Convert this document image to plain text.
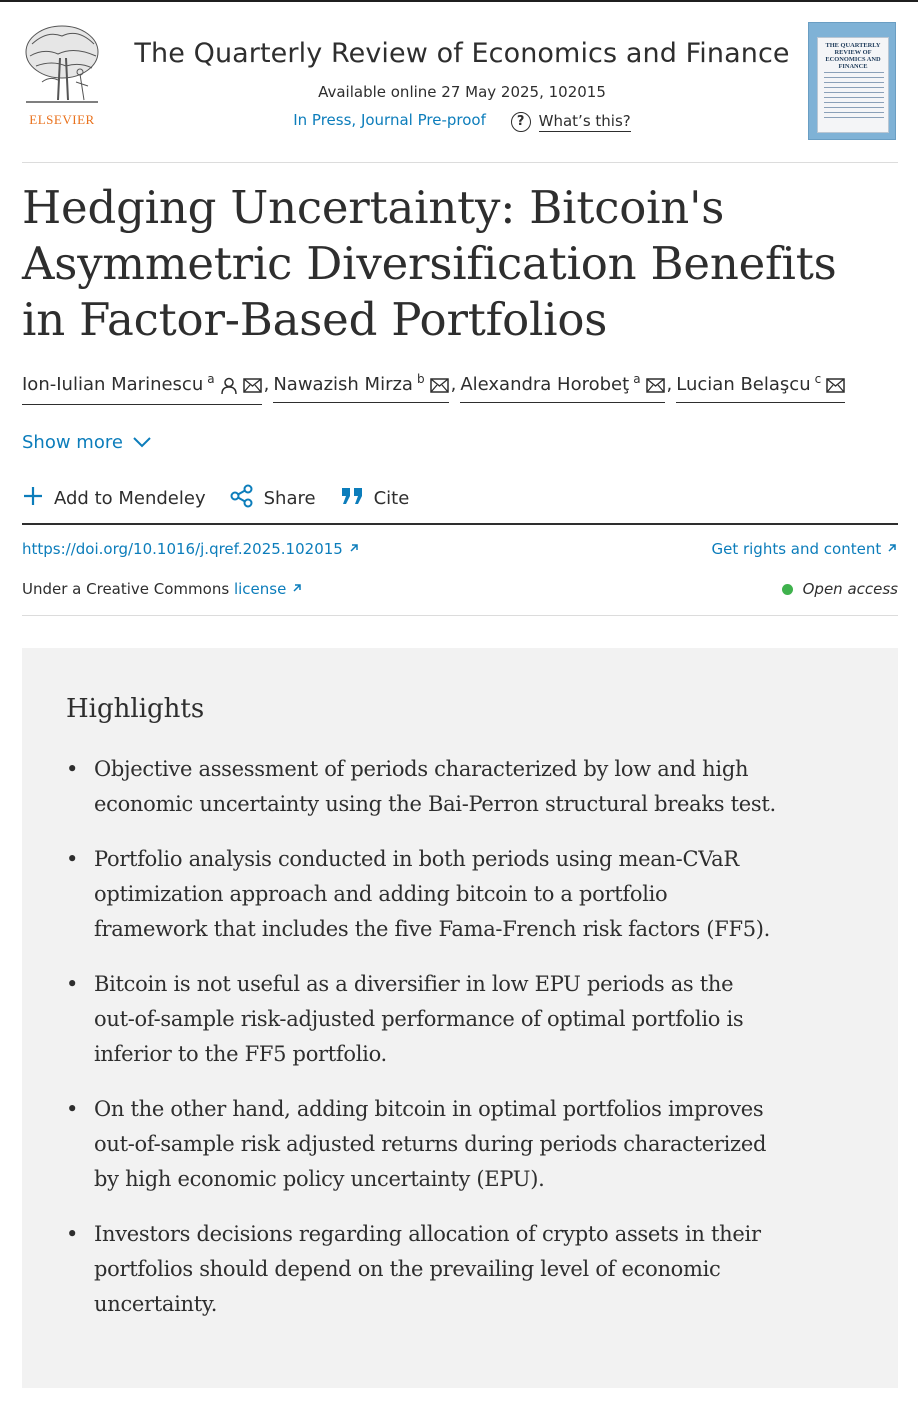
ELSEVIER
The Quarterly Review of Economics and Finance
Available online 27 May 2025, 102015
In Press, Journal Pre-proof	? What’s this?
THE QUARTERLY REVIEW OF ECONOMICS AND FINANCE
Hedging Uncertainty: Bitcoin's Asymmetric Diversification Benefits in Factor-Based Portfolios
Ion-Iulian Marinescu $^a$	, Nawazish Mirza $^b$ , Alexandra Horobeţ $^a$ , Lucian Belaşcu $^c$
Show more
Add to Mendeley	Share	Cite
https://doi.org/10.1016/j.qref.2025.102015	Get rights and content
Under a Creative Commons license	Open access
Highlights
• Objective assessment of periods characterized by low and high economic uncertainty using the Bai-Perron structural breaks test.
• Portfolio analysis conducted in both periods using mean-CVaR optimization approach and adding bitcoin to a portfolio framework that includes the five Fama-French risk factors (FF5).
• Bitcoin is not useful as a diversifier in low EPU periods as the out-of-sample risk-adjusted performance of optimal portfolio is inferior to the FF5 portfolio.
• On the other hand, adding bitcoin in optimal portfolios improves out-of-sample risk adjusted returns during periods characterized by high economic policy uncertainty (EPU).
• Investors decisions regarding allocation of crypto assets in their portfolios should depend on the prevailing level of economic uncertainty.
